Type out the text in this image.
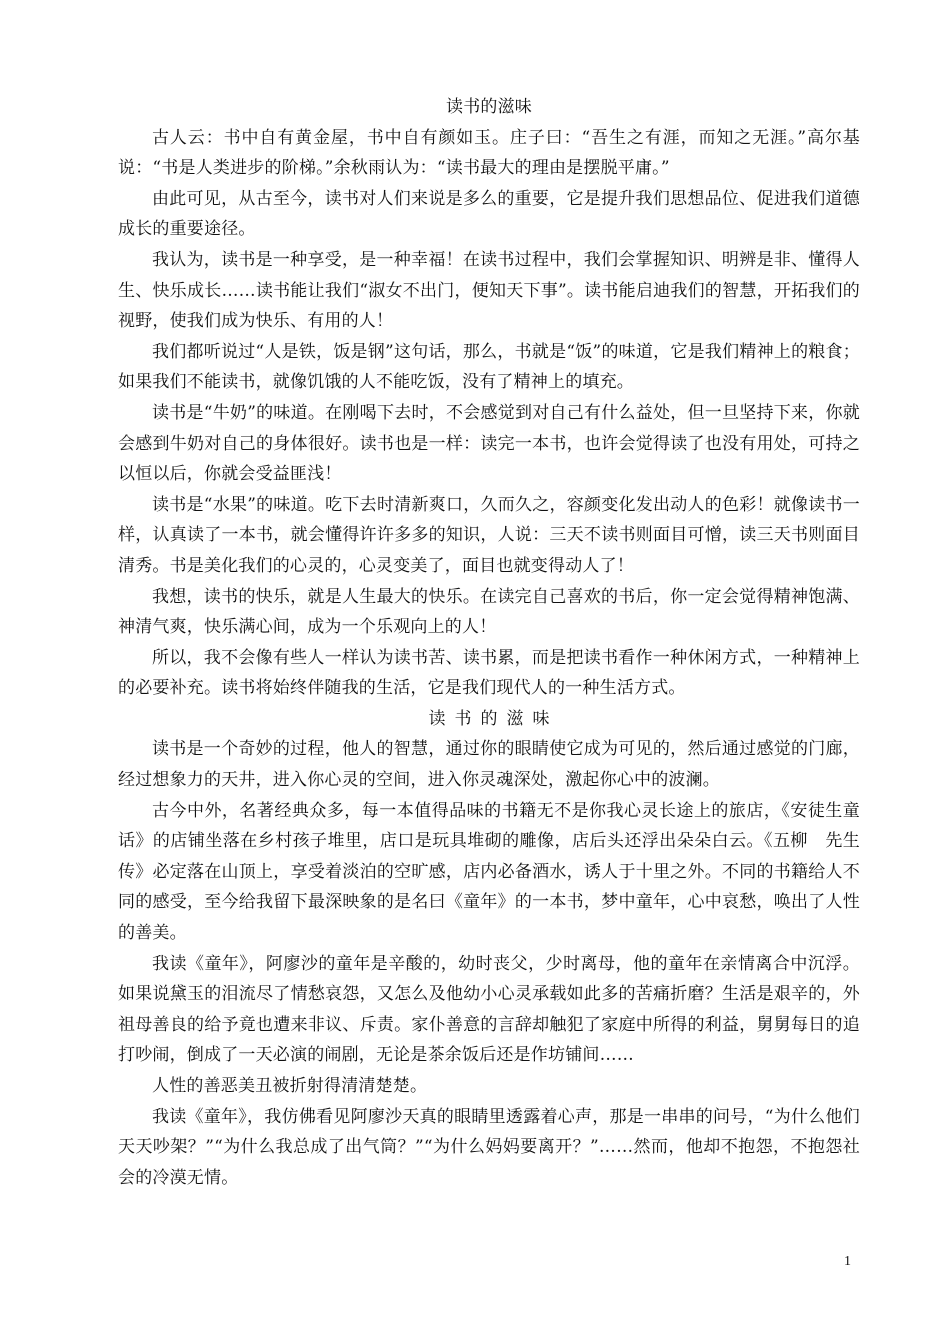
读书的滋味

古人云：书中自有黄金屋，书中自有颜如玉。庄子曰：“吾生之有涯，而知之无涯。”高尔基说：“书是人类进步的阶梯。”余秋雨认为：“读书最大的理由是摆脱平庸。”

由此可见，从古至今，读书对人们来说是多么的重要，它是提升我们思想品位、促进我们道德成长的重要途径。

我认为，读书是一种享受，是一种幸福！在读书过程中，我们会掌握知识、明辨是非、懂得人生、快乐成长……读书能让我们“淑女不出门，便知天下事”。读书能启迪我们的智慧，开拓我们的视野，使我们成为快乐、有用的人！

我们都听说过“人是铁，饭是钢”这句话，那么，书就是“饭”的味道，它是我们精神上的粮食；如果我们不能读书，就像饥饿的人不能吃饭，没有了精神上的填充。

读书是“牛奶”的味道。在刚喝下去时，不会感觉到对自己有什么益处，但一旦坚持下来，你就会感到牛奶对自己的身体很好。读书也是一样：读完一本书，也许会觉得读了也没有用处，可持之以恒以后，你就会受益匪浅！

读书是“水果”的味道。吃下去时清新爽口，久而久之，容颜变化发出动人的色彩！就像读书一样，认真读了一本书，就会懂得许许多多的知识，人说：三天不读书则面目可憎，读三天书则面目清秀。书是美化我们的心灵的，心灵变美了，面目也就变得动人了！

我想，读书的快乐，就是人生最大的快乐。在读完自己喜欢的书后，你一定会觉得精神饱满、神清气爽，快乐满心间，成为一个乐观向上的人！

所以，我不会像有些人一样认为读书苦、读书累，而是把读书看作一种休闲方式，一种精神上的必要补充。读书将始终伴随我的生活，它是我们现代人的一种生活方式。

读书的滋味

读书是一个奇妙的过程，他人的智慧，通过你的眼睛使它成为可见的，然后通过感觉的门廊，经过想象力的天井，进入你心灵的空间，进入你灵魂深处，激起你心中的波澜。

古今中外，名著经典众多，每一本值得品味的书籍无不是你我心灵长途上的旅店，《安徒生童话》的店铺坐落在乡村孩子堆里，店口是玩具堆砌的雕像，店后头还浮出朵朵白云。《五柳　先生传》必定落在山顶上，享受着淡泊的空旷感，店内必备酒水，诱人于十里之外。不同的书籍给人不同的感受，至今给我留下最深映象的是名曰《童年》的一本书，梦中童年，心中哀愁，唤出了人性的善美。

我读《童年》，阿廖沙的童年是辛酸的，幼时丧父，少时离母，他的童年在亲情离合中沉浮。如果说黛玉的泪流尽了情愁哀怨，又怎么及他幼小心灵承载如此多的苦痛折磨？生活是艰辛的，外祖母善良的给予竟也遭来非议、斥责。家仆善意的言辞却触犯了家庭中所得的利益，舅舅每日的追打吵闹，倒成了一天必演的闹剧，无论是茶余饭后还是作坊铺间……

人性的善恶美丑被折射得清清楚楚。

我读《童年》，我仿佛看见阿廖沙天真的眼睛里透露着心声，那是一串串的问号，“为什么他们天天吵架？”“为什么我总成了出气筒？”“为什么妈妈要离开？”……然而，他却不抱怨，不抱怨社会的冷漠无情。

1
